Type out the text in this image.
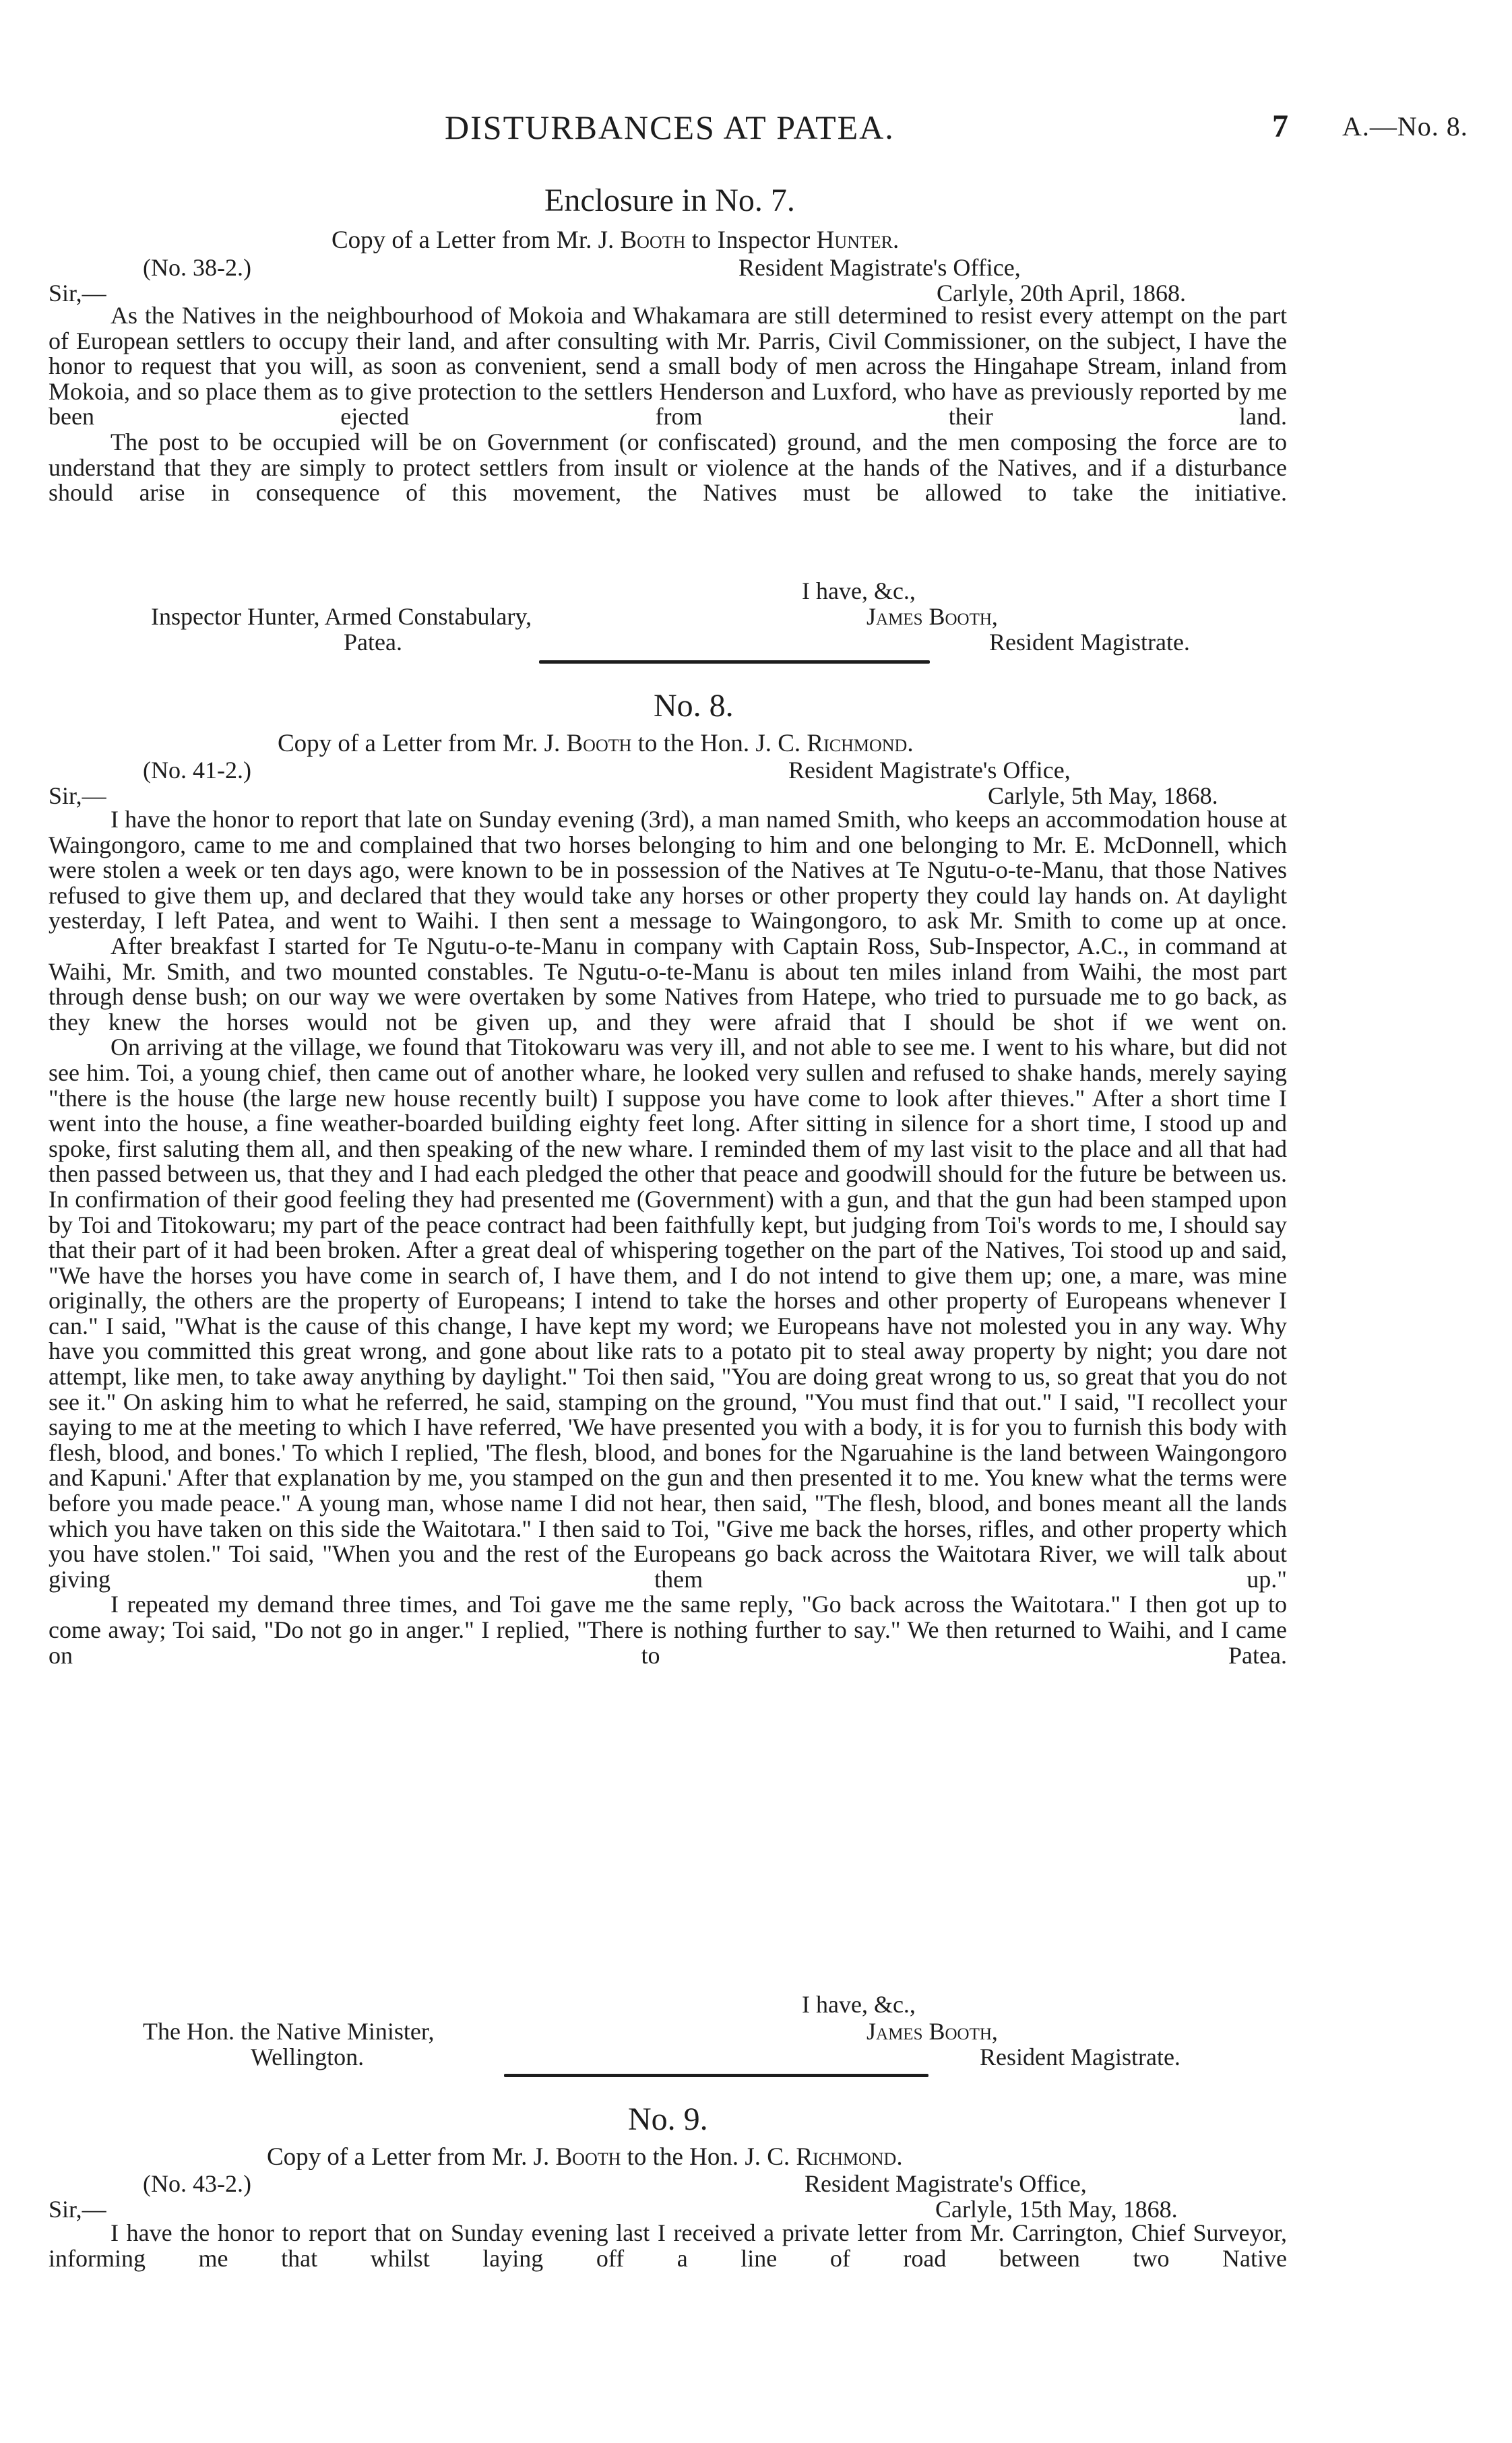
DISTURBANCES AT PATEA.	7 A.—No. 8.
Enclosure in No. 7.
Copy of a Letter from Mr. J. Booth to Inspector Hunter.
(No. 38-2.)	Resident Magistrate's Office,
Sir,—	Carlyle, 20th April, 1868.

As the Natives in the neighbourhood of Mokoia and Whakamara are still determined to resist every attempt on the part of European settlers to occupy their land, and after consulting with Mr. Parris, Civil Commissioner, on the subject, I have the honor to request that you will, as soon as convenient, send a small body of men across the Hingahape Stream, inland from Mokoia, and so place them as to give protection to the settlers Henderson and Luxford, who have as previously reported by me been ejected from their land.

The post to be occupied will be on Government (or confiscated) ground, and the men composing the force are to understand that they are simply to protect settlers from insult or violence at the hands of the Natives, and if a disturbance should arise in consequence of this movement, the Natives must be allowed to take the initiative.

I have, &c.,
Inspector Hunter, Armed Constabulary,	James Booth,
Patea.	Resident Magistrate.
No. 8.
Copy of a Letter from Mr. J. Booth to the Hon. J. C. Richmond.
(No. 41-2.)	Resident Magistrate's Office,
Sir,—	Carlyle, 5th May, 1868.

I have the honor to report that late on Sunday evening (3rd), a man named Smith, who keeps an accommodation house at Waingongoro, came to me and complained that two horses belonging to him and one belonging to Mr. E. McDonnell, which were stolen a week or ten days ago, were known to be in possession of the Natives at Te Ngutu-o-te-Manu, that those Natives refused to give them up, and declared that they would take any horses or other property they could lay hands on. At daylight yesterday, I left Patea, and went to Waihi. I then sent a message to Waingongoro, to ask Mr. Smith to come up at once.

After breakfast I started for Te Ngutu-o-te-Manu in company with Captain Ross, Sub-Inspector, A.C., in command at Waihi, Mr. Smith, and two mounted constables. Te Ngutu-o-te-Manu is about ten miles inland from Waihi, the most part through dense bush; on our way we were overtaken by some Natives from Hatepe, who tried to pursuade me to go back, as they knew the horses would not be given up, and they were afraid that I should be shot if we went on.

On arriving at the village, we found that Titokowaru was very ill, and not able to see me. I went to his whare, but did not see him. Toi, a young chief, then came out of another whare, he looked very sullen and refused to shake hands, merely saying "there is the house (the large new house recently built) I suppose you have come to look after thieves." After a short time I went into the house, a fine weather-boarded building eighty feet long. After sitting in silence for a short time, I stood up and spoke, first saluting them all, and then speaking of the new whare. I reminded them of my last visit to the place and all that had then passed between us, that they and I had each pledged the other that peace and goodwill should for the future be between us. In confirmation of their good feeling they had presented me (Government) with a gun, and that the gun had been stamped upon by Toi and Titokowaru; my part of the peace contract had been faithfully kept, but judging from Toi's words to me, I should say that their part of it had been broken. After a great deal of whispering together on the part of the Natives, Toi stood up and said, "We have the horses you have come in search of, I have them, and I do not intend to give them up; one, a mare, was mine originally, the others are the property of Europeans; I intend to take the horses and other property of Europeans whenever I can." I said, "What is the cause of this change, I have kept my word; we Europeans have not molested you in any way. Why have you committed this great wrong, and gone about like rats to a potato pit to steal away property by night; you dare not attempt, like men, to take away anything by daylight." Toi then said, "You are doing great wrong to us, so great that you do not see it." On asking him to what he referred, he said, stamping on the ground, "You must find that out." I said, "I recollect your saying to me at the meeting to which I have referred, 'We have presented you with a body, it is for you to furnish this body with flesh, blood, and bones.' To which I replied, 'The flesh, blood, and bones for the Ngaruahine is the land between Waingongoro and Kapuni.' After that explanation by me, you stamped on the gun and then presented it to me. You knew what the terms were before you made peace." A young man, whose name I did not hear, then said, "The flesh, blood, and bones meant all the lands which you have taken on this side the Waitotara." I then said to Toi, "Give me back the horses, rifles, and other property which you have stolen." Toi said, "When you and the rest of the Europeans go back across the Waitotara River, we will talk about giving them up."

I repeated my demand three times, and Toi gave me the same reply, "Go back across the Waitotara." I then got up to come away; Toi said, "Do not go in anger." I replied, "There is nothing further to say." We then returned to Waihi, and I came on to Patea.

I have, &c.,
The Hon. the Native Minister,	James Booth,
Wellington.	Resident Magistrate.
No. 9.
Copy of a Letter from Mr. J. Booth to the Hon. J. C. Richmond.
(No. 43-2.)	Resident Magistrate's Office,
Sir,—	Carlyle, 15th May, 1868.

I have the honor to report that on Sunday evening last I received a private letter from Mr. Carrington, Chief Surveyor, informing me that whilst laying off a line of road between two Native
